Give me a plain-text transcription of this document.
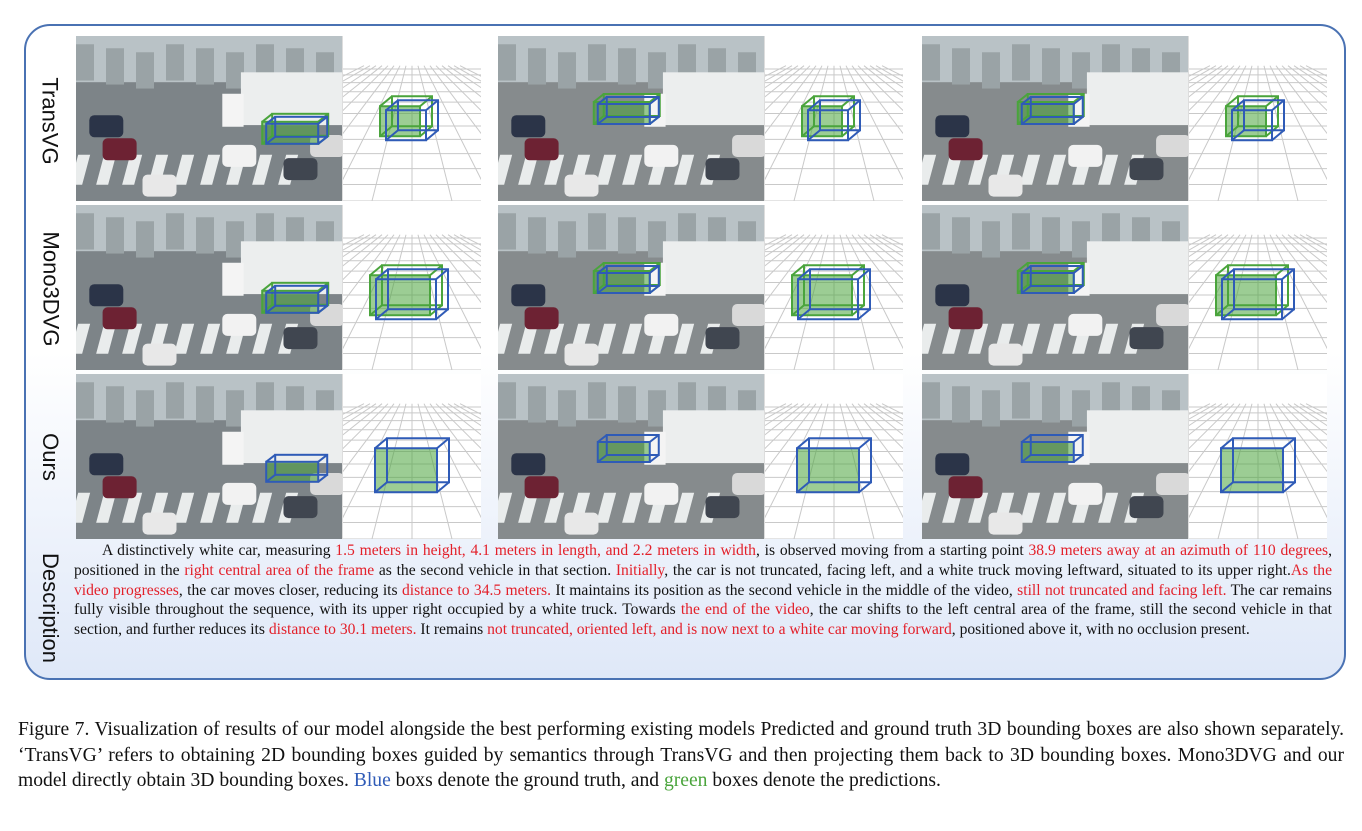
TransVG
Mono3DVG
Ours
Description
A distinctively white car, measuring 1.5 meters in height, 4.1 meters in length, and 2.2 meters in width, is observed moving from a starting point 38.9 meters away at an azimuth of 110 degrees, positioned in the right central area of the frame as the second vehicle in that section. Initially, the car is not truncated, facing left, and a white truck moving leftward, situated to its upper right.As the video progresses, the car moves closer, reducing its distance to 34.5 meters. It maintains its position as the second vehicle in the middle of the video, still not truncated and facing left. The car remains fully visible throughout the sequence, with its upper right occupied by a white truck. Towards the end of the video, the car shifts to the left central area of the frame, still the second vehicle in that section, and further reduces its distance to 30.1 meters. It remains not truncated, oriented left, and is now next to a white car moving forward, positioned above it, with no occlusion present.
Figure 7. Visualization of results of our model alongside the best performing existing models Predicted and ground truth 3D bounding boxes are also shown separately. ‘TransVG’ refers to obtaining 2D bounding boxes guided by semantics through TransVG and then projecting them back to 3D bounding boxes. Mono3DVG and our model directly obtain 3D bounding boxes. Blue boxs denote the ground truth, and green boxes denote the predictions.
